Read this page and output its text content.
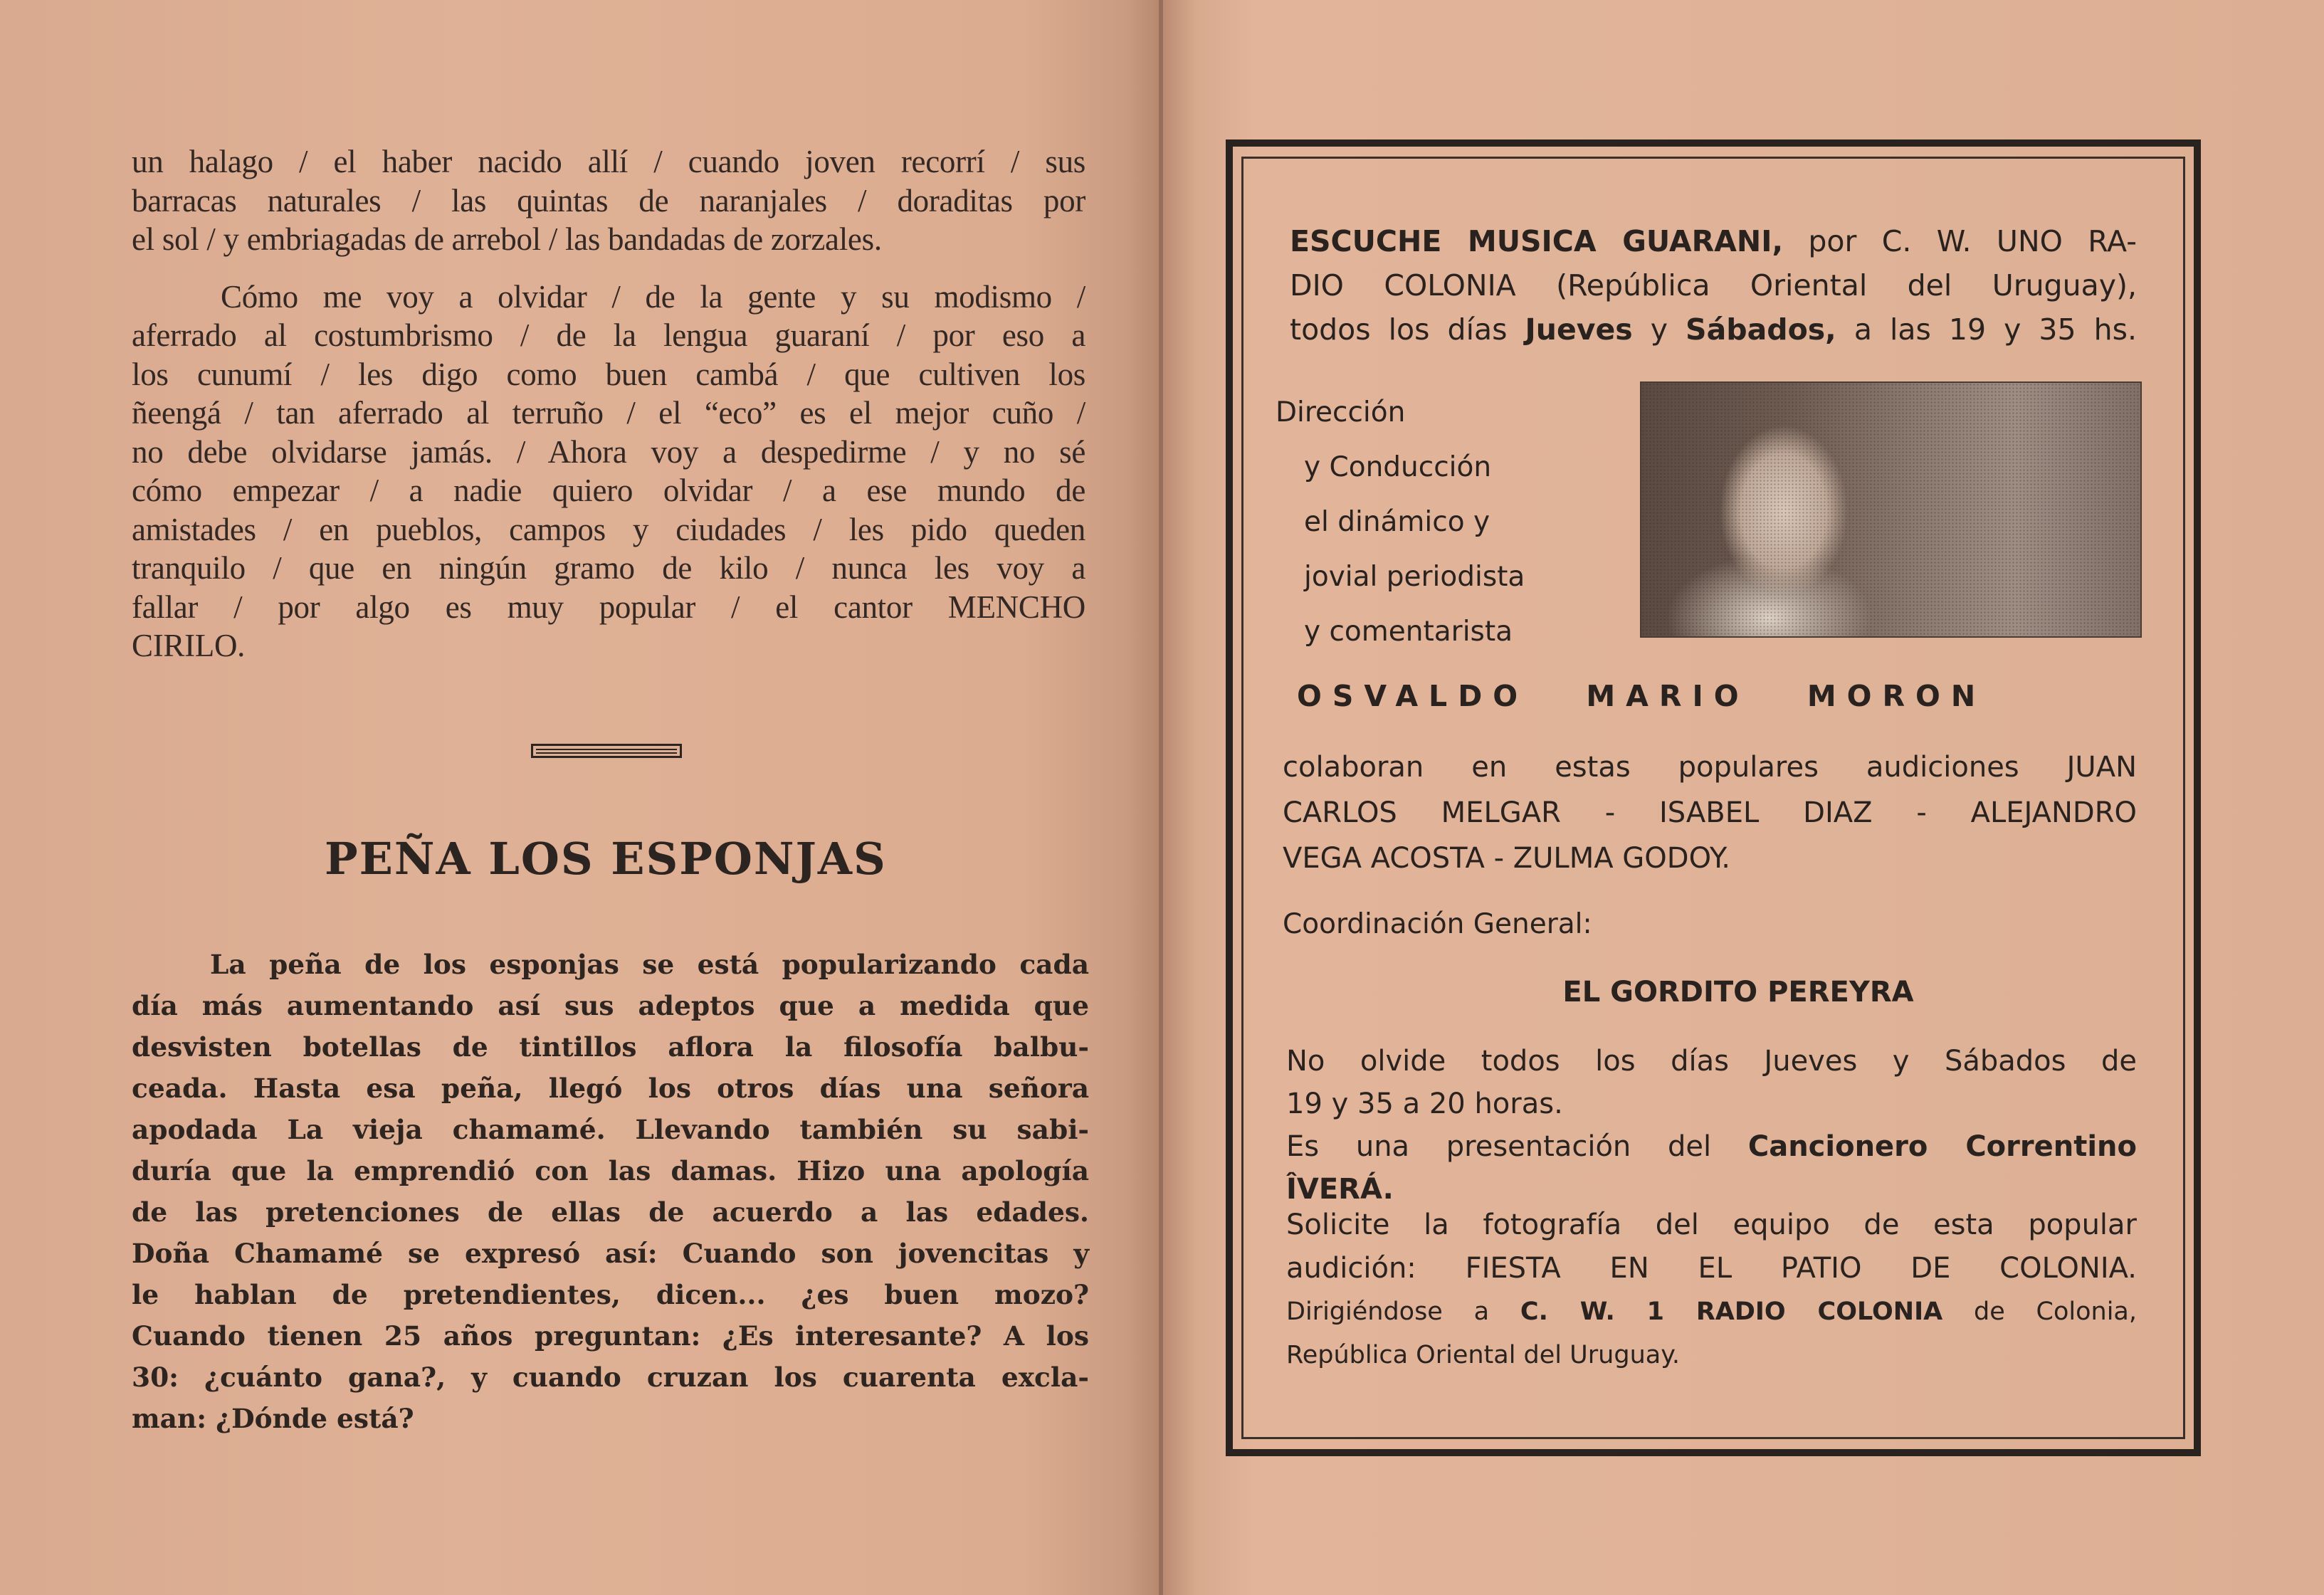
un halago / el haber nacido allí / cuando joven recorrí / sus
barracas naturales / las quintas de naranjales / doraditas por
el sol / y embriagadas de arrebol / las bandadas de zorzales.

Cómo me voy a olvidar / de la gente y su modismo /
aferrado al costumbrismo / de la lengua guaraní / por eso a
los cunumí / les digo como buen cambá / que cultiven los
ñeengá / tan aferrado al terruño / el “eco” es el mejor cuño /
no debe olvidarse jamás. / Ahora voy a despedirme / y no sé
cómo empezar / a nadie quiero olvidar / a ese mundo de
amistades / en pueblos, campos y ciudades / les pido queden
tranquilo / que en ningún gramo de kilo / nunca les voy a
fallar / por algo es muy popular / el cantor MENCHO
CIRILO.

PEÑA LOS ESPONJAS
La peña de los esponjas se está popularizando cada
día más aumentando así sus adeptos que a medida que
desvisten botellas de tintillos aflora la filosofía balbu-
ceada. Hasta esa peña, llegó los otros días una señora
apodada La vieja chamamé. Llevando también su sabi-
duría que la emprendió con las damas. Hizo una apología
de las pretenciones de ellas de acuerdo a las edades.
Doña Chamamé se expresó así: Cuando son jovencitas y
le hablan de pretendientes, dicen... ¿es buen mozo?
Cuando tienen 25 años preguntan: ¿Es interesante? A los
30: ¿cuánto gana?, y cuando cruzan los cuarenta excla-
man: ¿Dónde está?
ESCUCHE MUSICA GUARANI, por C. W. UNO RA-
DIO COLONIA (República Oriental del Uruguay),
todos los días Jueves y Sábados, a las 19 y 35 hs.
Dirección
y Conducción
el dinámico y
jovial periodista
y comentarista
OSVALDO MARIO MORON
colaboran en estas populares audiciones JUAN
CARLOS MELGAR - ISABEL DIAZ - ALEJANDRO
VEGA ACOSTA - ZULMA GODOY.
Coordinación General:
EL GORDITO PEREYRA
No olvide todos los días Jueves y Sábados de
19 y 35 a 20 horas.
Es una presentación del Cancionero Correntino
ÎVERÁ.
Solicite la fotografía del equipo de esta popular
audición: FIESTA EN EL PATIO DE COLONIA.
Dirigiéndose a C. W. 1 RADIO COLONIA de Colonia,
República Oriental del Uruguay.
